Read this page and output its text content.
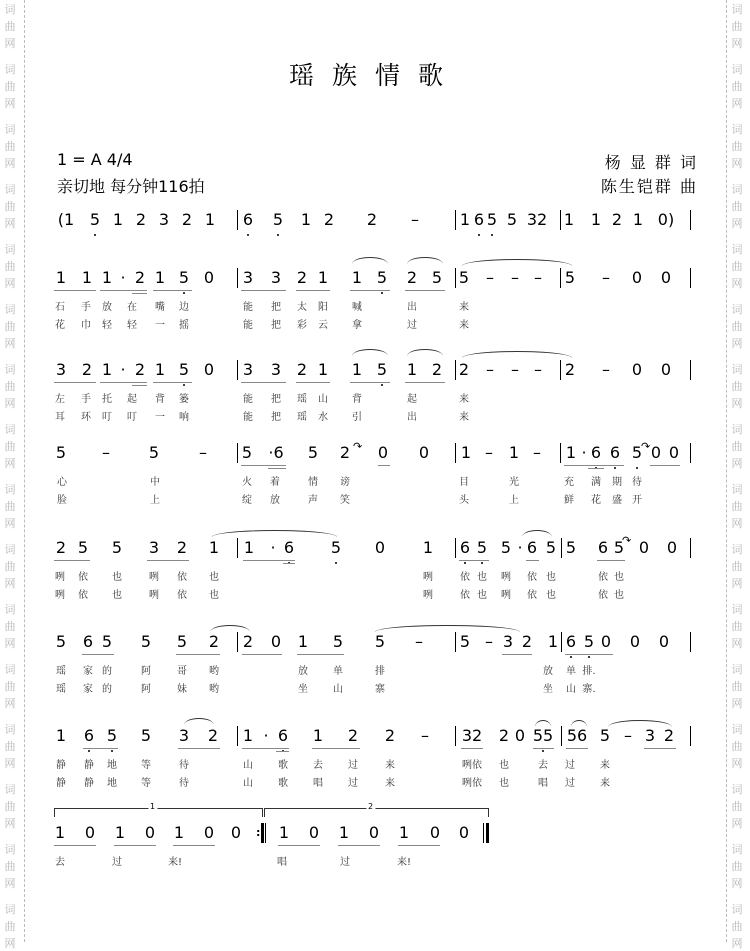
词
曲
网
词
曲
网
词
曲
网
词
曲
网
词
曲
网
词
曲
网
词
曲
网
词
曲
网
词
曲
网
词
曲
网
词
曲
网
词
曲
网
词
曲
网
词
曲
网
词
曲
网
词
曲
网
词
曲
网
词
曲
网
词
曲
网
词
曲
网
词
曲
网
词
曲
网
词
曲
网
词
曲
网
词
曲
网
词
曲
网
词
曲
网
词
曲
网
词
曲
网
词
曲
网
词
曲
网
词
曲
网
瑶族情歌
1 = A 4/4
亲切地 每分钟116拍
杨 显 群 词
陈生铠群 曲
(1 5 1 2 3 2 1 6 5 1 2 2 –	1 6 5 5 32 1 1 2 1 0)
1 1 1 · 2 1 5 0 3 3 2 1 1 5 2 5 5 – – – 5 – 0 0
石 手 放 在 嘴 边	能 把 太 阳 喊	出	来
花 巾 轻 轻 一 摇	能 把 彩 云 拿	过	来
3 2 1 · 2 1 5 0 3 3 2 1 1 5 1 2 2 – – – 2 – 0 0
左 手 托 起 背 篓	能 把 瑶 山 背	起	来
耳 环 叮 叮 一 响	能 把 瑶 水 引	出	来
5 – 5 – 5 ·6 5 2 0 0 1 – 1 – 1 · 6 6 5 0 0
心	中	火 着	情 谤	目	光	充 满 期 待
脸	上	绽 放	声 笑	头	上	鲜 花 盛 开
2 5 5 3 2 1 1 · 6 5 0 1 6 5 5 · 6 5 5 6 5 0 0
咧 依 也	咧 依 也	咧	依 也 咧 依 也	依 也
咧 依 也	咧 依 也	咧	依 也 咧 依 也	依 也
5 6 5 5 5 2 2 0 1 5 5 – 5 – 3 2 1 6 5 0 0 0
瑶 家 的	阿	哥 哟	放	单	排	放 单 排.
瑶 家 的	阿	妹 哟	坐	山	寨	坐 山 寨.
1 6 5 5 3 2 1 · 6 1 2 2 – 32 2 0 55 56 5 – 3 2
静 静 地 等	待	山	歌	去	过	来	咧依 也	去 过	来
静 静 地 等	待	山	歌	唱	过	来	咧依 也	唱 过	来
1 0 1 0 1 0 0 1 0 1 0 1 0 0
去	过	来!	唱	过	来!
1	2
↷	↷
↷
:
